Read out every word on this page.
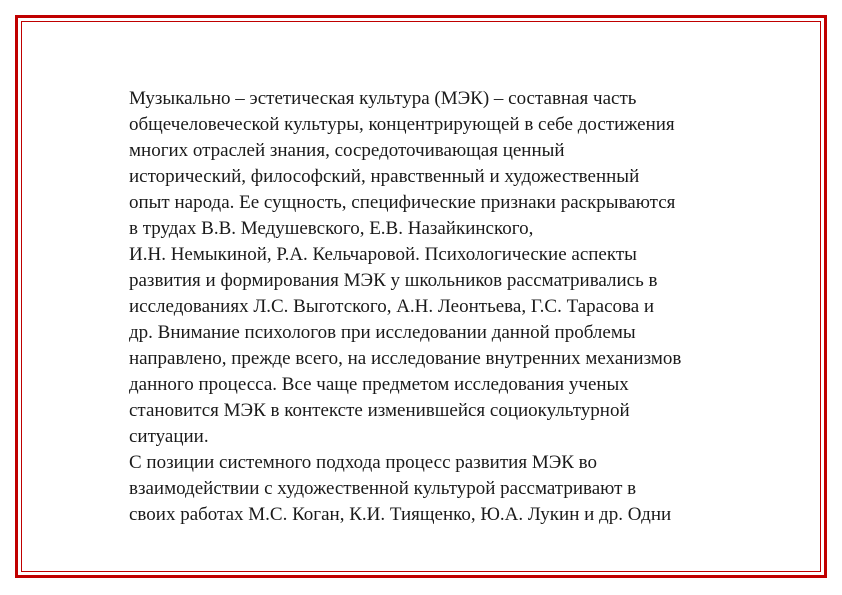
Музыкально – эстетическая культура (МЭК) – составная часть
общечеловеческой культуры, концентрирующей в себе достижения
многих отраслей знания, сосредоточивающая ценный
исторический, философский, нравственный и художественный
опыт народа. Ее сущность, специфические признаки раскрываются
в трудах В.В. Медушевского, Е.В. Назайкинского,
И.Н. Немыкиной, Р.А. Кельчаровой. Психологические аспекты
развития и формирования МЭК у школьников рассматривались в
исследованиях Л.С. Выготского, А.Н. Леонтьева, Г.С. Тарасова и
др. Внимание психологов при исследовании данной проблемы
направлено, прежде всего, на исследование внутренних механизмов
данного процесса. Все чаще предметом исследования ученых
становится МЭК в контексте изменившейся социокультурной
ситуации.
С позиции системного подхода процесс развития МЭК во
взаимодействии с художественной культурой рассматривают в
своих работах М.С. Коган, К.И. Тиященко, Ю.А. Лукин и др. Одни
